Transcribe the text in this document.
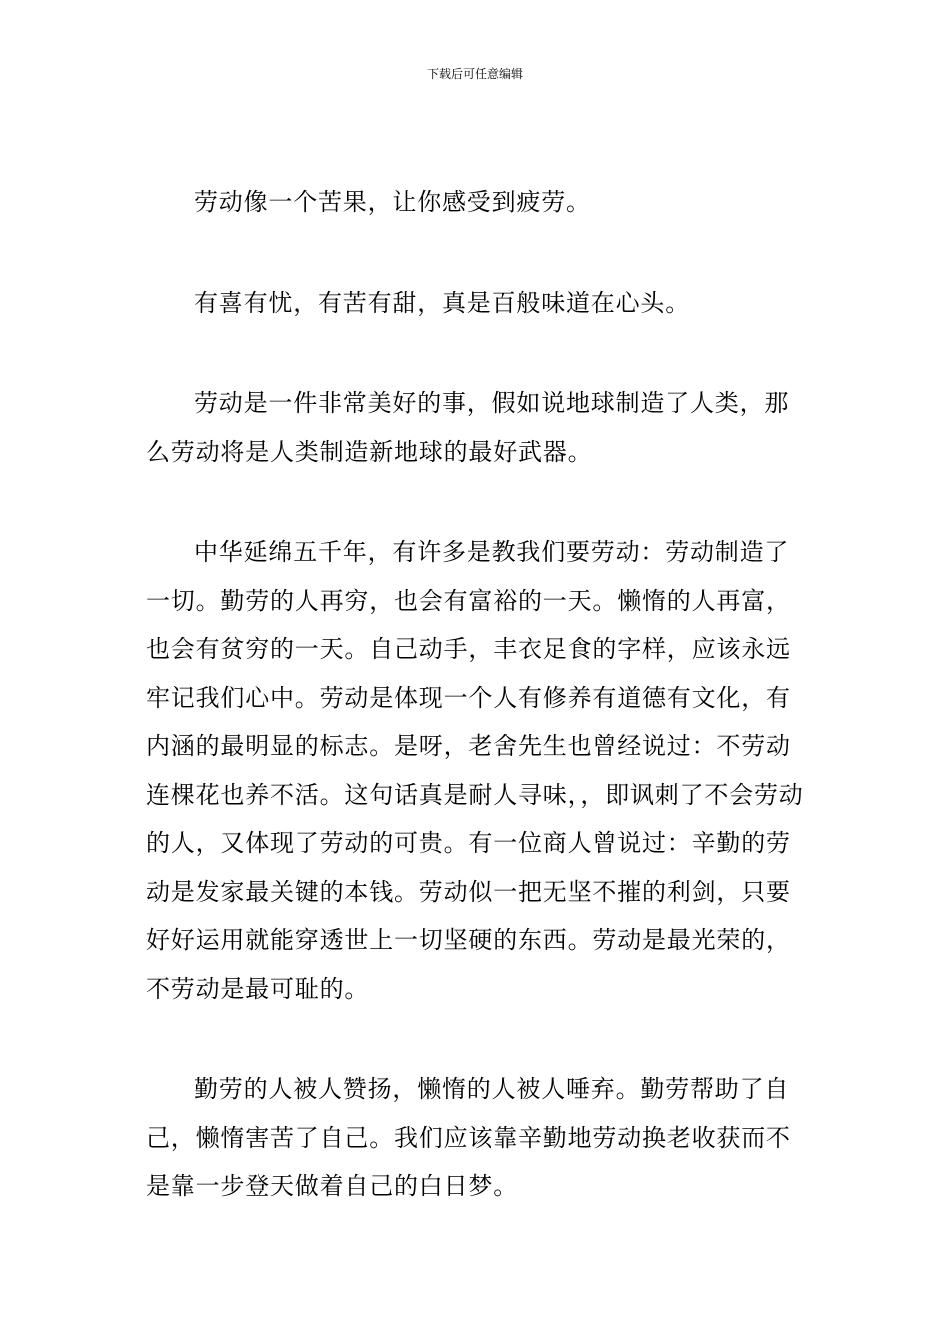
下载后可任意编辑

劳动像一个苦果，让你感受到疲劳。

有喜有忧，有苦有甜，真是百般味道在心头。

劳动是一件非常美好的事，假如说地球制造了人类，那么劳动将是人类制造新地球的最好武器。

中华延绵五千年，有许多是教我们要劳动：劳动制造了一切。勤劳的人再穷，也会有富裕的一天。懒惰的人再富，也会有贫穷的一天。自己动手，丰衣足食的字样，应该永远牢记我们心中。劳动是体现一个人有修养有道德有文化，有内涵的最明显的标志。是呀，老舍先生也曾经说过：不劳动连棵花也养不活。这句话真是耐人寻味，，即讽刺了不会劳动的人，又体现了劳动的可贵。有一位商人曾说过：辛勤的劳动是发家最关键的本钱。劳动似一把无坚不摧的利剑，只要好好运用就能穿透世上一切坚硬的东西。劳动是最光荣的，不劳动是最可耻的。

勤劳的人被人赞扬，懒惰的人被人唾弃。勤劳帮助了自己，懒惰害苦了自己。我们应该靠辛勤地劳动换老收获而不是靠一步登天做着自己的白日梦。
